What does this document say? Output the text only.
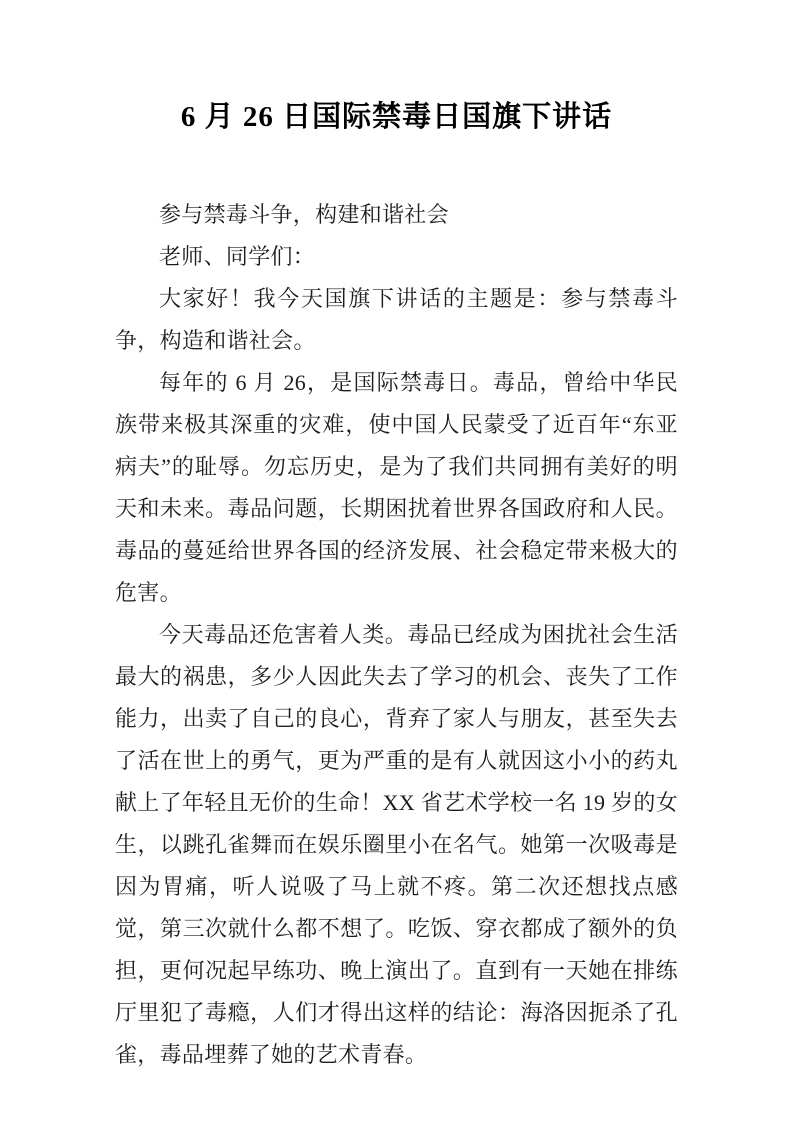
6 月 26 日国际禁毒日国旗下讲话

参与禁毒斗争，构建和谐社会

老师、同学们：

大家好！我今天国旗下讲话的主题是：参与禁毒斗争，构造和谐社会。

每年的 6 月 26，是国际禁毒日。毒品，曾给中华民族带来极其深重的灾难，使中国人民蒙受了近百年“东亚病夫”的耻辱。勿忘历史，是为了我们共同拥有美好的明天和未来。毒品问题，长期困扰着世界各国政府和人民。毒品的蔓延给世界各国的经济发展、社会稳定带来极大的危害。

今天毒品还危害着人类。毒品已经成为困扰社会生活最大的祸患，多少人因此失去了学习的机会、丧失了工作能力，出卖了自己的良心，背弃了家人与朋友，甚至失去了活在世上的勇气，更为严重的是有人就因这小小的药丸献上了年轻且无价的生命！XX 省艺术学校一名 19 岁的女生，以跳孔雀舞而在娱乐圈里小在名气。她第一次吸毒是因为胃痛，听人说吸了马上就不疼。第二次还想找点感觉，第三次就什么都不想了。吃饭、穿衣都成了额外的负担，更何况起早练功、晚上演出了。直到有一天她在排练厅里犯了毒瘾，人们才得出这样的结论：海洛因扼杀了孔雀，毒品埋葬了她的艺术青春。
